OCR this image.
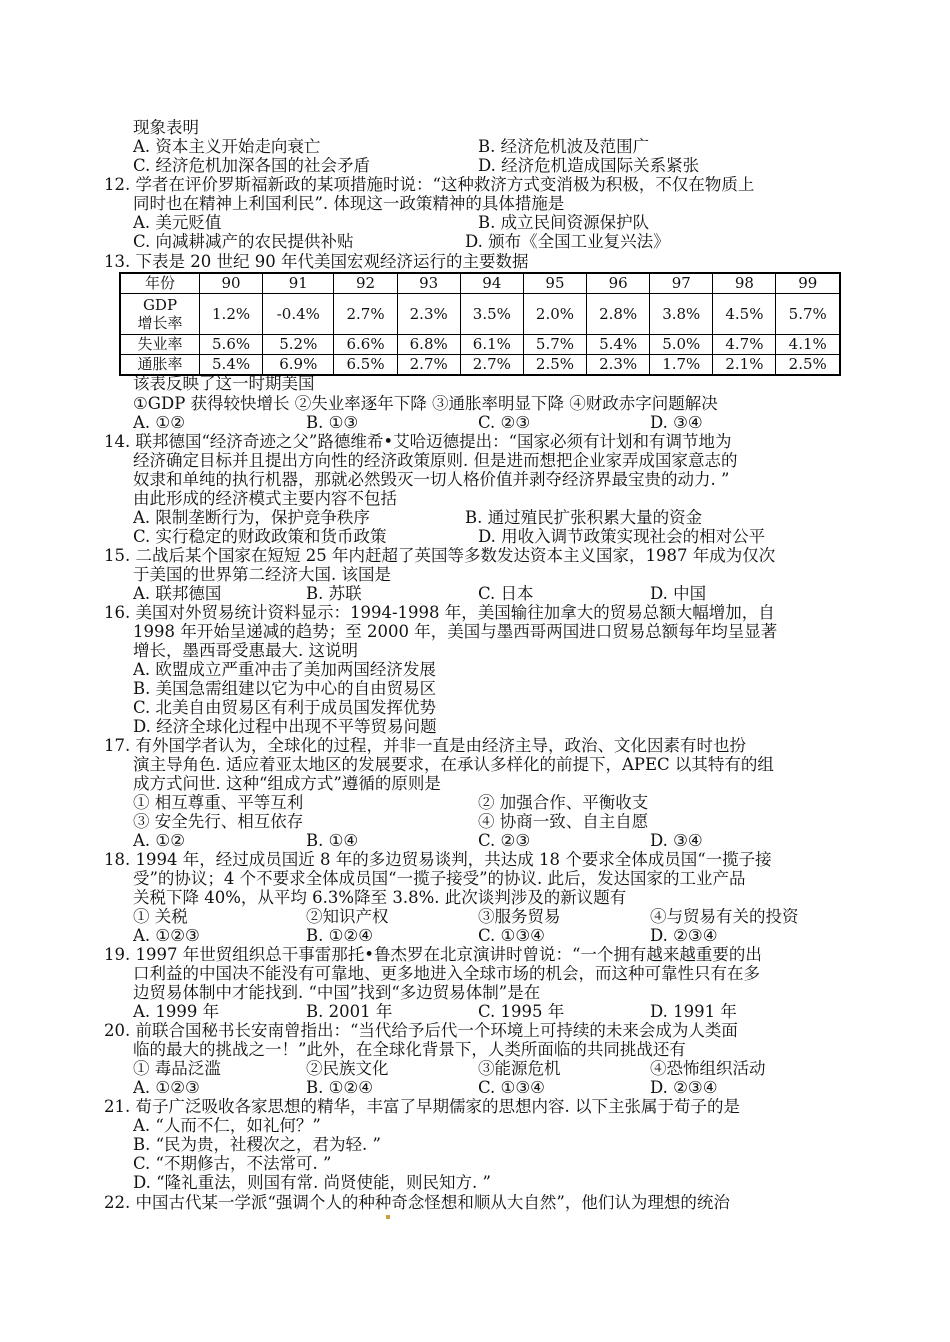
现象表明
A. 资本主义开始走向衰亡	B. 经济危机波及范围广
C. 经济危机加深各国的社会矛盾	D. 经济危机造成国际关系紧张
12. 学者在评价罗斯福新政的某项措施时说：“这种救济方式变消极为积极，不仅在物质上
同时也在精神上利国利民”. 体现这一政策精神的具体措施是
A. 美元贬值	B. 成立民间资源保护队
C. 向减耕减产的农民提供补贴	D. 颁布《全国工业复兴法》
13. 下表是 20 世纪 90 年代美国宏观经济运行的主要数据
年份	90	91	92	93	94	95	96	97	98	99
GDP
增长率	1.2%	-0.4%	2.7%	2.3%	3.5%	2.0%	2.8%	3.8%	4.5%	5.7%
失业率	5.6%	5.2%	6.6%	6.8%	6.1%	5.7%	5.4%	5.0%	4.7%	4.1%
通胀率	5.4%	6.9%	6.5%	2.7%	2.7%	2.5%	2.3%	1.7%	2.1%	2.5%
该表反映了这一时期美国
①GDP 获得较快增长 ②失业率逐年下降 ③通胀率明显下降 ④财政赤字问题解决
A. ①②	B. ①③	C. ②③	D. ③④
14. 联邦德国“经济奇迹之父”路德维希•艾哈迈德提出：“国家必须有计划和有调节地为
经济确定目标并且提出方向性的经济政策原则. 但是进而想把企业家弄成国家意志的
奴隶和单纯的执行机器，那就必然毁灭一切人格价值并剥夺经济界最宝贵的动力. ”
由此形成的经济模式主要内容不包括
A. 限制垄断行为，保护竞争秩序	B. 通过殖民扩张积累大量的资金
C. 实行稳定的财政政策和货币政策	D. 用收入调节政策实现社会的相对公平
15. 二战后某个国家在短短 25 年内赶超了英国等多数发达资本主义国家，1987 年成为仅次
于美国的世界第二经济大国. 该国是
A. 联邦德国	B. 苏联	C. 日本	D. 中国
16. 美国对外贸易统计资料显示：1994-1998 年，美国输往加拿大的贸易总额大幅增加，自
1998 年开始呈递减的趋势；至 2000 年，美国与墨西哥两国进口贸易总额每年均呈显著
增长，墨西哥受惠最大. 这说明
A. 欧盟成立严重冲击了美加两国经济发展
B. 美国急需组建以它为中心的自由贸易区
C. 北美自由贸易区有利于成员国发挥优势
D. 经济全球化过程中出现不平等贸易问题
17. 有外国学者认为，全球化的过程，并非一直是由经济主导，政治、文化因素有时也扮
演主导角色. 适应着亚太地区的发展要求，在承认多样化的前提下，APEC 以其特有的组
成方式问世. 这种“组成方式”遵循的原则是
① 相互尊重、平等互利	② 加强合作、平衡收支
③ 安全先行、相互依存	④ 协商一致、自主自愿
A. ①②	B. ①④	C. ②③	D. ③④
18. 1994 年，经过成员国近 8 年的多边贸易谈判，共达成 18 个要求全体成员国“一揽子接
受”的协议；4 个不要求全体成员国“一揽子接受”的协议. 此后，发达国家的工业产品
关税下降 40%，从平均 6.3%降至 3.8%. 此次谈判涉及的新议题有
① 关税	②知识产权	③服务贸易	④与贸易有关的投资
A. ①②③	B. ①②④	C. ①③④	D. ②③④
19. 1997 年世贸组织总干事雷那托•鲁杰罗在北京演讲时曾说：“一个拥有越来越重要的出
口利益的中国决不能没有可靠地、更多地进入全球市场的机会，而这种可靠性只有在多
边贸易体制中才能找到. “中国”找到“多边贸易体制”是在
A. 1999 年	B. 2001 年	C. 1995 年	D. 1991 年
20. 前联合国秘书长安南曾指出：“当代给予后代一个环境上可持续的未来会成为人类面
临的最大的挑战之一！”此外，在全球化背景下，人类所面临的共同挑战还有
① 毒品泛滥	②民族文化	③能源危机	④恐怖组织活动
A. ①②③	B. ①②④	C. ①③④	D. ②③④
21. 荀子广泛吸收各家思想的精华，丰富了早期儒家的思想内容. 以下主张属于荀子的是
A. “人而不仁，如礼何？”
B. “民为贵，社稷次之，君为轻. ”
C. “不期修古，不法常可. ”
D. “隆礼重法，则国有常. 尚贤使能，则民知方. ”
22. 中国古代某一学派“强调个人的种种奇念怪想和顺从大自然”，他们认为理想的统治
